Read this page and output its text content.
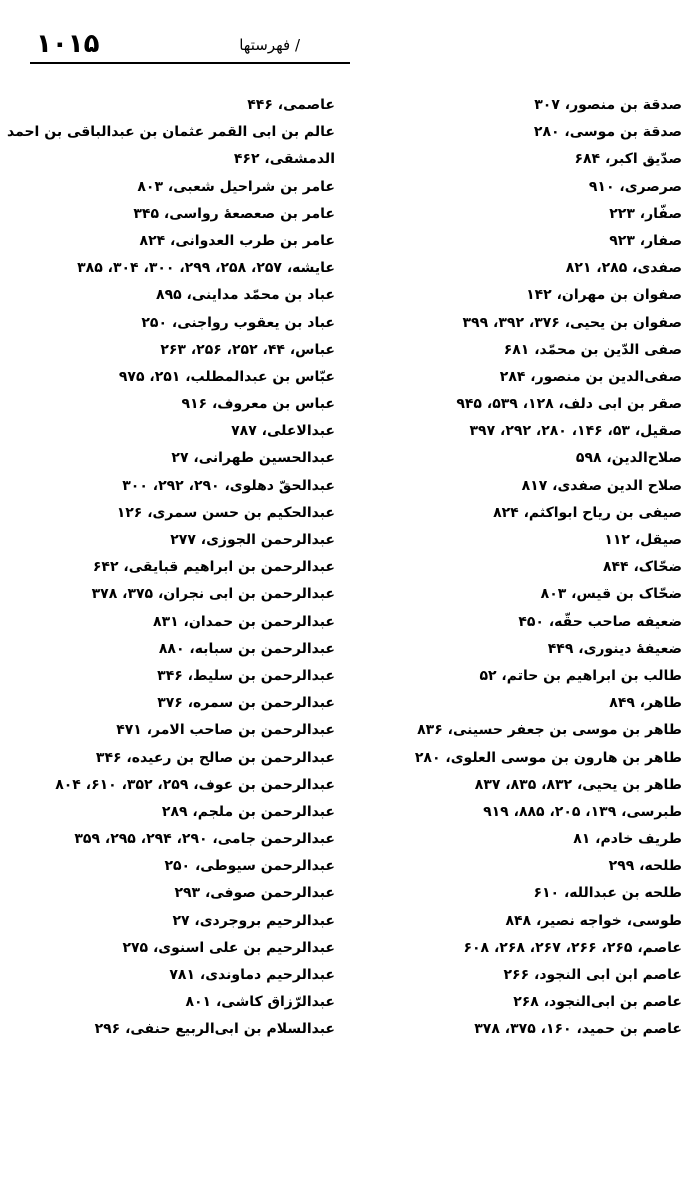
۱۰۱۵	/ فهرستها
صدقة بن منصور، ۳۰۷
صدقة بن موسى، ۲۸۰
صدّیق اکبر، ۶۸۴
صرصری، ۹۱۰
صفّار، ۲۲۳
صفار، ۹۲۳
صفدی، ۲۸۵، ۸۲۱
صفوان بن مهران، ۱۴۲
صفوان بن یحیی، ۳۷۶، ۳۹۲، ۳۹۹
صفی الدّین بن محمّد، ۶۸۱
صفی‌الدین بن منصور، ۲۸۴
صقر بن ابی دلف، ۱۲۸، ۵۳۹، ۹۴۵
صقیل، ۵۳، ۱۴۶، ۲۸۰، ۲۹۲، ۳۹۷
صلاح‌الدین، ۵۹۸
صلاح الدین صفدی، ۸۱۷
صیفی بن ریاح ابواکثم، ۸۲۴
صیقل، ۱۱۲
ضحّاک، ۸۴۴
ضحّاک بن قیس، ۸۰۳
ضعیفه صاحب حقّه، ۴۵۰
ضعیفهٔ دینوری، ۴۴۹
طالب بن ابراهیم بن حاتم، ۵۲
طاهر، ۸۴۹
طاهر بن موسی بن جعفر حسینی، ۸۳۶
طاهر بن هارون بن موسی العلوی، ۲۸۰
طاهر بن یحیی، ۸۳۲، ۸۳۵، ۸۳۷
طبرسی، ۱۳۹، ۲۰۵، ۸۸۵، ۹۱۹
طریف خادم، ۸۱
طلحه، ۲۹۹
طلحه بن عبدالله، ۶۱۰
طوسی، خواجه نصیر، ۸۴۸
عاصم، ۲۶۵، ۲۶۶، ۲۶۷، ۲۶۸، ۶۰۸
عاصم ابن ابی النجود، ۲۶۶
عاصم بن ابی‌النجود، ۲۶۸
عاصم بن حمید، ۱۶۰، ۳۷۵، ۳۷۸
عاصمی، ۴۴۶
عالم بن ابی القمر عثمان بن عبدالباقی بن احمد
الدمشقی، ۴۶۲
عامر بن شراحیل شعبی، ۸۰۳
عامر بن صعصعهٔ رواسی، ۳۴۵
عامر بن طرب العدوانی، ۸۲۴
عایشه، ۲۵۷، ۲۵۸، ۲۹۹، ۳۰۰، ۳۰۴، ۳۸۵
عباد بن محمّد مداینی، ۸۹۵
عباد بن یعقوب رواجنی، ۲۵۰
عباس، ۴۴، ۲۵۲، ۲۵۶، ۲۶۳
عبّاس بن عبدالمطلب، ۲۵۱، ۹۷۵
عباس بن معروف، ۹۱۶
عبدالاعلی، ۷۸۷
عبدالحسین طهرانی، ۲۷
عبدالحقّ دهلوی، ۲۹۰، ۲۹۲، ۳۰۰
عبدالحکیم بن حسن سمری، ۱۲۶
عبدالرحمن الجوزی، ۲۷۷
عبدالرحمن بن ابراهیم قبایقی، ۶۴۲
عبدالرحمن بن ابی نجران، ۳۷۵، ۳۷۸
عبدالرحمن بن حمدان، ۸۳۱
عبدالرحمن بن سبابه، ۸۸۰
عبدالرحمن بن سلیط، ۳۴۶
عبدالرحمن بن سمره، ۳۷۶
عبدالرحمن بن صاحب الامر، ۴۷۱
عبدالرحمن بن صالح بن رعیده، ۳۴۶
عبدالرحمن بن عوف، ۲۵۹، ۳۵۲، ۶۱۰، ۸۰۴
عبدالرحمن بن ملجم، ۲۸۹
عبدالرحمن جامی، ۲۹۰، ۲۹۴، ۲۹۵، ۳۵۹
عبدالرحمن سیوطی، ۲۵۰
عبدالرحمن صوفی، ۲۹۳
عبدالرحیم بروجردی، ۲۷
عبدالرحیم بن علی اسنوی، ۲۷۵
عبدالرحیم دماوندی، ۷۸۱
عبدالرّزاق کاشی، ۸۰۱
عبدالسلام بن ابی‌الربیع حنفی، ۲۹۶
